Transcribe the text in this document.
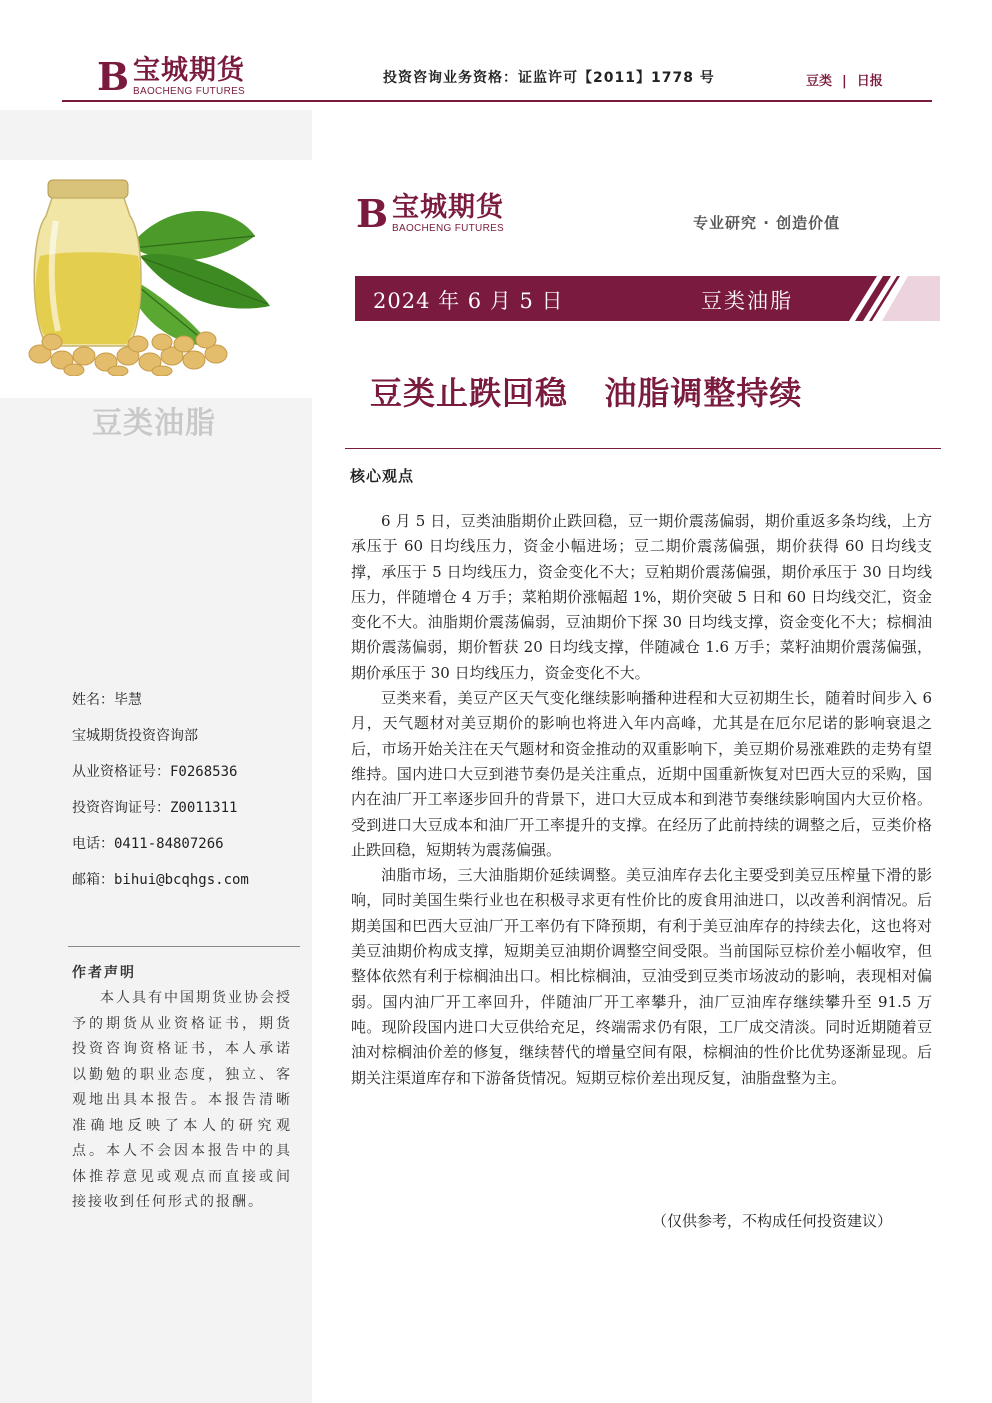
B 宝城期货
BAOCHENG FUTURES
投资咨询业务资格：证监许可【2011】1778 号	豆类 | 日报
豆类油脂
姓名：毕慧
宝城期货投资咨询部
从业资格证号：F0268536
投资咨询证号：Z0011311
电话：0411-84807266
邮箱：bihui@bcqhgs.com
作者声明
本人具有中国期货业协会授予的期货从业资格证书，期货投资咨询资格证书，本人承诺以勤勉的职业态度，独立、客观地出具本报告。本报告清晰准确地反映了本人的研究观点。本人不会因本报告中的具体推荐意见或观点而直接或间接接收到任何形式的报酬。
B 宝城期货
BAOCHENG FUTURES	专业研究 · 创造价值
2024 年 6 月 5 日	豆类油脂
豆类止跌回稳   油脂调整持续
核心观点

6 月 5 日，豆类油脂期价止跌回稳，豆一期价震荡偏弱，期价重返多条均线，上方承压于 60 日均线压力，资金小幅进场；豆二期价震荡偏强，期价获得 60 日均线支撑，承压于 5 日均线压力，资金变化不大；豆粕期价震荡偏强，期价承压于 30 日均线压力，伴随增仓 4 万手；菜粕期价涨幅超 1%，期价突破 5 日和 60 日均线交汇，资金变化不大。油脂期价震荡偏弱，豆油期价下探 30 日均线支撑，资金变化不大；棕榈油期价震荡偏弱，期价暂获 20 日均线支撑，伴随减仓 1.6 万手；菜籽油期价震荡偏强，期价承压于 30 日均线压力，资金变化不大。

豆类来看，美豆产区天气变化继续影响播种进程和大豆初期生长，随着时间步入 6 月，天气题材对美豆期价的影响也将进入年内高峰，尤其是在厄尔尼诺的影响衰退之后，市场开始关注在天气题材和资金推动的双重影响下，美豆期价易涨难跌的走势有望维持。国内进口大豆到港节奏仍是关注重点，近期中国重新恢复对巴西大豆的采购，国内在油厂开工率逐步回升的背景下，进口大豆成本和到港节奏继续影响国内大豆价格。受到进口大豆成本和油厂开工率提升的支撑。在经历了此前持续的调整之后，豆类价格止跌回稳，短期转为震荡偏强。

油脂市场，三大油脂期价延续调整。美豆油库存去化主要受到美豆压榨量下滑的影响，同时美国生柴行业也在积极寻求更有性价比的废食用油进口，以改善利润情况。后期美国和巴西大豆油厂开工率仍有下降预期，有利于美豆油库存的持续去化，这也将对美豆油期价构成支撑，短期美豆油期价调整空间受限。当前国际豆棕价差小幅收窄，但整体依然有利于棕榈油出口。相比棕榈油，豆油受到豆类市场波动的影响，表现相对偏弱。国内油厂开工率回升，伴随油厂开工率攀升，油厂豆油库存继续攀升至 91.5 万吨。现阶段国内进口大豆供给充足，终端需求仍有限，工厂成交清淡。同时近期随着豆油对棕榈油价差的修复，继续替代的增量空间有限，棕榈油的性价比优势逐渐显现。后期关注渠道库存和下游备货情况。短期豆棕价差出现反复，油脂盘整为主。

（仅供参考，不构成任何投资建议）
